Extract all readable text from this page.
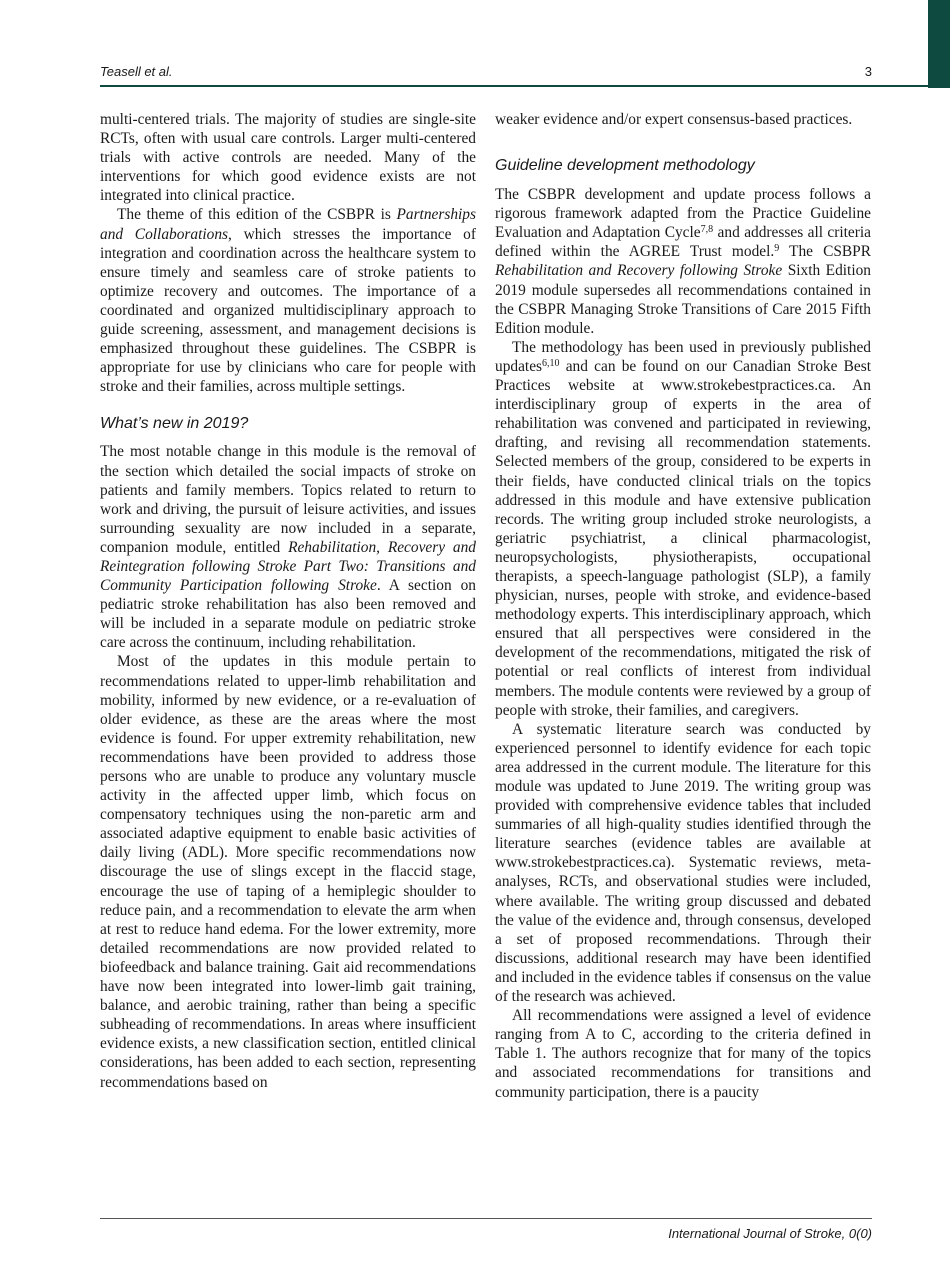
Teasell et al.	3

multi-centered trials. The majority of studies are single-site RCTs, often with usual care controls. Larger multi-centered trials with active controls are needed. Many of the interventions for which good evidence exists are not integrated into clinical practice.

The theme of this edition of the CSBPR is Partnerships and Collaborations, which stresses the importance of integration and coordination across the healthcare system to ensure timely and seamless care of stroke patients to optimize recovery and outcomes. The importance of a coordinated and organized multidisciplinary approach to guide screening, assessment, and management decisions is emphasized throughout these guidelines. The CSBPR is appropriate for use by clinicians who care for people with stroke and their families, across multiple settings.

What’s new in 2019?

The most notable change in this module is the removal of the section which detailed the social impacts of stroke on patients and family members. Topics related to return to work and driving, the pursuit of leisure activities, and issues surrounding sexuality are now included in a separate, companion module, entitled Rehabilitation, Recovery and Reintegration following Stroke Part Two: Transitions and Community Participation following Stroke. A section on pediatric stroke rehabilitation has also been removed and will be included in a separate module on pediatric stroke care across the continuum, including rehabilitation.

Most of the updates in this module pertain to recommendations related to upper-limb rehabilitation and mobility, informed by new evidence, or a re-evaluation of older evidence, as these are the areas where the most evidence is found. For upper extremity rehabilitation, new recommendations have been provided to address those persons who are unable to produce any voluntary muscle activity in the affected upper limb, which focus on compensatory techniques using the non-paretic arm and associated adaptive equipment to enable basic activities of daily living (ADL). More specific recommendations now discourage the use of slings except in the flaccid stage, encourage the use of taping of a hemiplegic shoulder to reduce pain, and a recommendation to elevate the arm when at rest to reduce hand edema. For the lower extremity, more detailed recommendations are now provided related to biofeedback and balance training. Gait aid recommendations have now been integrated into lower-limb gait training, balance, and aerobic training, rather than being a specific subheading of recommendations. In areas where insufficient evidence exists, a new classification section, entitled clinical considerations, has been added to each section, representing recommendations based on

weaker evidence and/or expert consensus-based practices.

Guideline development methodology

The CSBPR development and update process follows a rigorous framework adapted from the Practice Guideline Evaluation and Adaptation Cycle$^{7,8}$ and addresses all criteria defined within the AGREE Trust model.$^9$ The CSBPR Rehabilitation and Recovery following Stroke Sixth Edition 2019 module supersedes all recommendations contained in the CSBPR Managing Stroke Transitions of Care 2015 Fifth Edition module.

The methodology has been used in previously published updates$^{6,10}$ and can be found on our Canadian Stroke Best Practices website at www.strokebestpractices.ca. An interdisciplinary group of experts in the area of rehabilitation was convened and participated in reviewing, drafting, and revising all recommendation statements. Selected members of the group, considered to be experts in their fields, have conducted clinical trials on the topics addressed in this module and have extensive publication records. The writing group included stroke neurologists, a geriatric psychiatrist, a clinical pharmacologist, neuropsychologists, physiotherapists, occupational therapists, a speech-language pathologist (SLP), a family physician, nurses, people with stroke, and evidence-based methodology experts. This interdisciplinary approach, which ensured that all perspectives were considered in the development of the recommendations, mitigated the risk of potential or real conflicts of interest from individual members. The module contents were reviewed by a group of people with stroke, their families, and caregivers.

A systematic literature search was conducted by experienced personnel to identify evidence for each topic area addressed in the current module. The literature for this module was updated to June 2019. The writing group was provided with comprehensive evidence tables that included summaries of all high-quality studies identified through the literature searches (evidence tables are available at www.strokebestpractices.ca). Systematic reviews, meta-analyses, RCTs, and observational studies were included, where available. The writing group discussed and debated the value of the evidence and, through consensus, developed a set of proposed recommendations. Through their discussions, additional research may have been identified and included in the evidence tables if consensus on the value of the research was achieved.

All recommendations were assigned a level of evidence ranging from A to C, according to the criteria defined in Table 1. The authors recognize that for many of the topics and associated recommendations for transitions and community participation, there is a paucity

International Journal of Stroke, 0(0)
